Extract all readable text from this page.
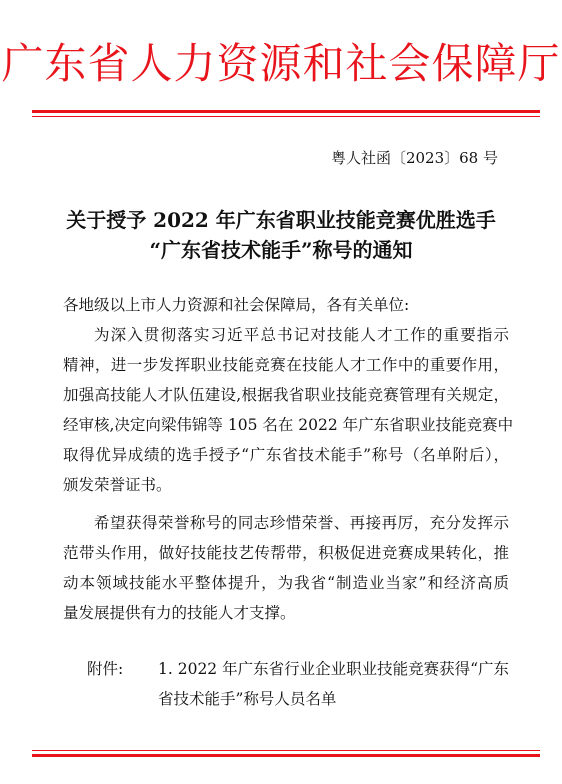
广东省人力资源和社会保障厅
粤人社函〔2023〕68 号
关于授予 2022 年广东省职业技能竞赛优胜选手
“广东省技术能手”称号的通知
各地级以上市人力资源和社会保障局，各有关单位:
为深入贯彻落实习近平总书记对技能人才工作的重要指示
精神，进一步发挥职业技能竞赛在技能人才工作中的重要作用，
加强高技能人才队伍建设,根据我省职业技能竞赛管理有关规定，
经审核,决定向梁伟锦等 105 名在 2022 年广东省职业技能竞赛中
取得优异成绩的选手授予“广东省技术能手”称号（名单附后），
颁发荣誉证书。
希望获得荣誉称号的同志珍惜荣誉、再接再厉，充分发挥示
范带头作用，做好技能技艺传帮带，积极促进竞赛成果转化，推
动本领域技能水平整体提升，为我省“制造业当家”和经济高质
量发展提供有力的技能人才支撑。
附件: 1. 2022 年广东省行业企业职业技能竞赛获得“广东
省技术能手”称号人员名单
